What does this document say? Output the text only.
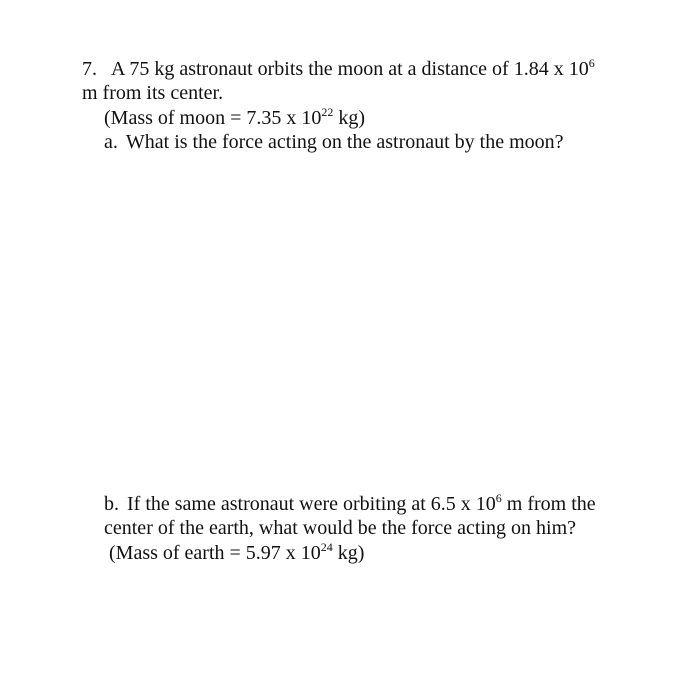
7. A 75 kg astronaut orbits the moon at a distance of 1.84 x $10^6$
m from its center.
(Mass of moon = 7.35 x $10^{22}$ kg)
a. What is the force acting on the astronaut by the moon?
b. If the same astronaut were orbiting at 6.5 x $10^6$ m from the
center of the earth, what would be the force acting on him?
(Mass of earth = 5.97 x $10^{24}$ kg)
